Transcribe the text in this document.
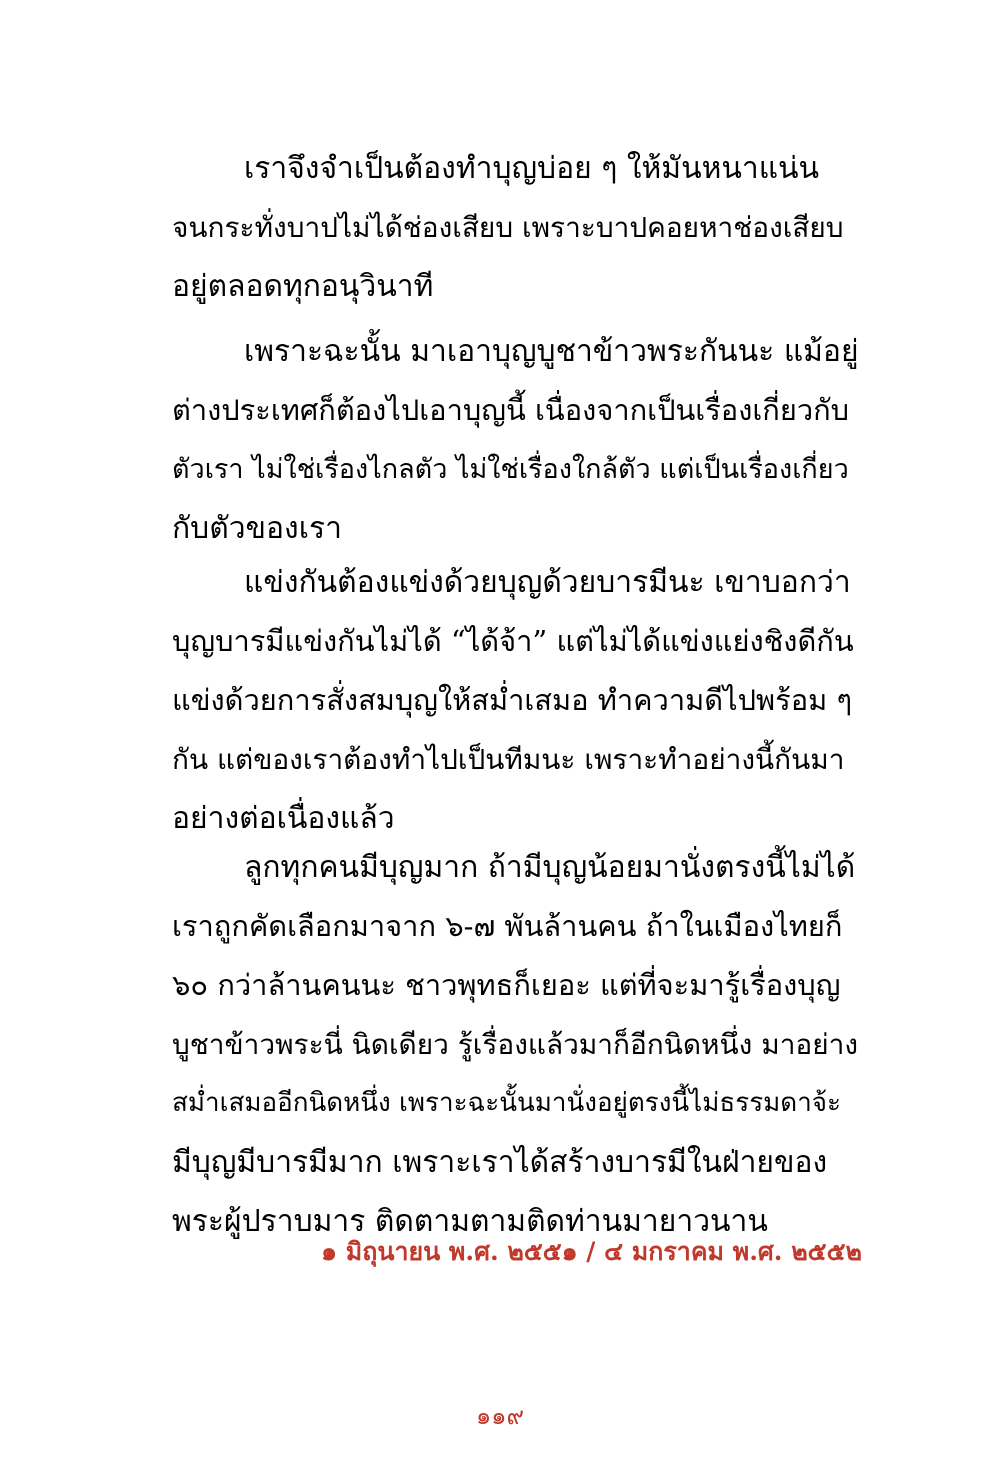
เราจึงจำเป็นต้องทำบุญบ่อย ๆ ให้มันหนาแน่น
จนกระทั่งบาปไม่ได้ช่องเสียบ เพราะบาปคอยหาช่องเสียบ
อยู่ตลอดทุกอนุวินาที
เพราะฉะนั้น มาเอาบุญบูชาข้าวพระกันนะ แม้อยู่
ต่างประเทศก็ต้องไปเอาบุญนี้ เนื่องจากเป็นเรื่องเกี่ยวกับ
ตัวเรา ไม่ใช่เรื่องไกลตัว ไม่ใช่เรื่องใกล้ตัว แต่เป็นเรื่องเกี่ยว
กับตัวของเรา
แข่งกันต้องแข่งด้วยบุญด้วยบารมีนะ เขาบอกว่า
บุญบารมีแข่งกันไม่ได้ “ได้จ้า” แต่ไม่ได้แข่งแย่งชิงดีกัน
แข่งด้วยการสั่งสมบุญให้สม่ำเสมอ ทำความดีไปพร้อม ๆ
กัน แต่ของเราต้องทำไปเป็นทีมนะ เพราะทำอย่างนี้กันมา
อย่างต่อเนื่องแล้ว
ลูกทุกคนมีบุญมาก ถ้ามีบุญน้อยมานั่งตรงนี้ไม่ได้
เราถูกคัดเลือกมาจาก ๖-๗ พันล้านคน ถ้าในเมืองไทยก็
๖๐ กว่าล้านคนนะ ชาวพุทธก็เยอะ แต่ที่จะมารู้เรื่องบุญ
บูชาข้าวพระนี่ นิดเดียว รู้เรื่องแล้วมาก็อีกนิดหนึ่ง มาอย่าง
สม่ำเสมออีกนิดหนึ่ง เพราะฉะนั้นมานั่งอยู่ตรงนี้ไม่ธรรมดาจ้ะ
มีบุญมีบารมีมาก เพราะเราได้สร้างบารมีในฝ่ายของ
พระผู้ปราบมาร ติดตามตามติดท่านมายาวนาน
๑ มิถุนายน พ.ศ. ๒๕๕๑ / ๔ มกราคม พ.ศ. ๒๕๕๒
๑๑๙
